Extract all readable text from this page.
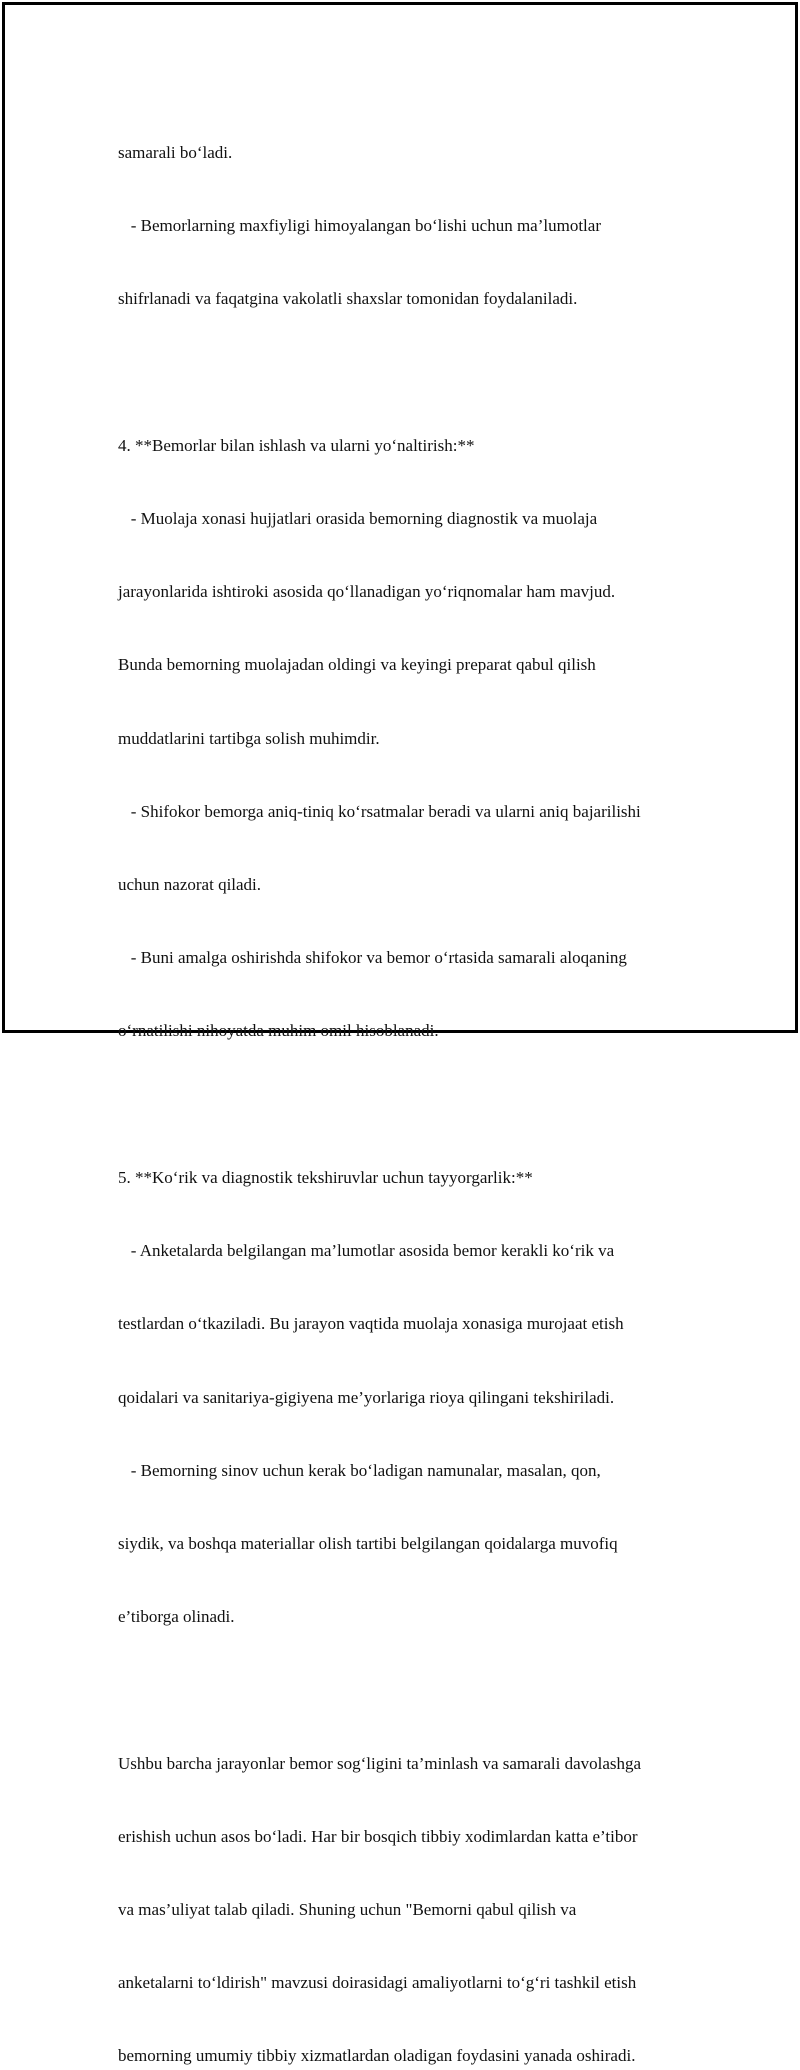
samarali bo‘ladi.

- Bemorlarning maxfiyligi himoyalangan bo‘lishi uchun ma’lumotlar

shifrlanadi va faqatgina vakolatli shaxslar tomonidan foydalaniladi.

4. **Bemorlar bilan ishlash va ularni yo‘naltirish:**

- Muolaja xonasi hujjatlari orasida bemorning diagnostik va muolaja

jarayonlarida ishtiroki asosida qo‘llanadigan yo‘riqnomalar ham mavjud.

Bunda bemorning muolajadan oldingi va keyingi preparat qabul qilish

muddatlarini tartibga solish muhimdir.

- Shifokor bemorga aniq-tiniq ko‘rsatmalar beradi va ularni aniq bajarilishi

uchun nazorat qiladi.

- Buni amalga oshirishda shifokor va bemor o‘rtasida samarali aloqaning

o‘rnatilishi nihoyatda muhim omil hisoblanadi.

5. **Ko‘rik va diagnostik tekshiruvlar uchun tayyorgarlik:**

- Anketalarda belgilangan ma’lumotlar asosida bemor kerakli ko‘rik va

testlardan o‘tkaziladi. Bu jarayon vaqtida muolaja xonasiga murojaat etish

qoidalari va sanitariya-gigiyena me’yorlariga rioya qilingani tekshiriladi.

- Bemorning sinov uchun kerak bo‘ladigan namunalar, masalan, qon,

siydik, va boshqa materiallar olish tartibi belgilangan qoidalarga muvofiq

e’tiborga olinadi.

Ushbu barcha jarayonlar bemor sog‘ligini ta’minlash va samarali davolashga

erishish uchun asos bo‘ladi. Har bir bosqich tibbiy xodimlardan katta e’tibor

va mas’uliyat talab qiladi. Shuning uchun "Bemorni qabul qilish va

anketalarni to‘ldirish" mavzusi doirasidagi amaliyotlarni to‘g‘ri tashkil etish

bemorning umumiy tibbiy xizmatlardan oladigan foydasini yanada oshiradi.
